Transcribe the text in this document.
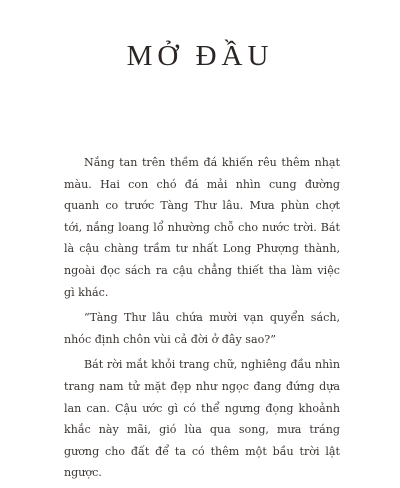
MỞ ĐẦU

Nắng tan trên thềm đá khiến rêu thêm nhạt màu. Hai con chó đá mải nhìn cung đường quanh co trước Tàng Thư lâu. Mưa phùn chợt tới, nắng loang lổ nhường chỗ cho nước trời. Bát là cậu chàng trầm tư nhất Long Phượng thành, ngoài đọc sách ra cậu chẳng thiết tha làm việc gì khác.

“Tàng Thư lâu chứa mười vạn quyển sách, nhóc định chôn vùi cả đời ở đây sao?”

Bát rời mắt khỏi trang chữ, nghiêng đầu nhìn trang nam tử mặt đẹp như ngọc đang đứng dựa lan can. Cậu ước gì có thể ngưng đọng khoảnh khắc này mãi, gió lùa qua song, mưa tráng gương cho đất để ta có thêm một bầu trời lật ngược.
